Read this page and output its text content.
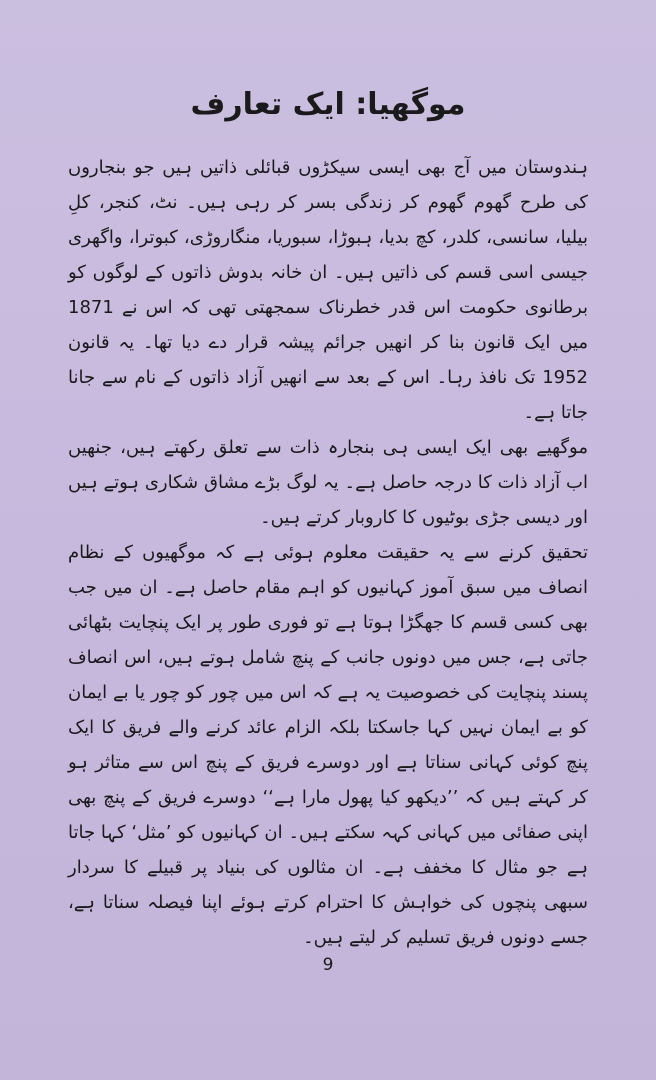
موگھیا: ایک تعارف

ہندوستان میں آج بھی ایسی سیکڑوں قبائلی ذاتیں ہیں جو بنجاروں کی طرح گھوم گھوم کر زندگی بسر کر رہی ہیں۔ نٹ، کنجر، کلِ بیلیا، سانسی، کلدر، کچ بدیا، ہبوڑا، سبوریا، منگاروڑی، کبوترا، واگھری جیسی اسی قسم کی ذاتیں ہیں۔ ان خانہ بدوش ذاتوں کے لوگوں کو برطانوی حکومت اس قدر خطرناک سمجھتی تھی کہ اس نے 1871 میں ایک قانون بنا کر انھیں جرائم پیشہ قرار دے دیا تھا۔ یہ قانون 1952 تک نافذ رہا۔ اس کے بعد سے انھیں آزاد ذاتوں کے نام سے جانا جاتا ہے۔

موگھیے بھی ایک ایسی ہی بنجارہ ذات سے تعلق رکھتے ہیں، جنھیں اب آزاد ذات کا درجہ حاصل ہے۔ یہ لوگ بڑے مشاق شکاری ہوتے ہیں اور دیسی جڑی بوٹیوں کا کاروبار کرتے ہیں۔

تحقیق کرنے سے یہ حقیقت معلوم ہوئی ہے کہ موگھیوں کے نظام انصاف میں سبق آموز کہانیوں کو اہم مقام حاصل ہے۔ ان میں جب بھی کسی قسم کا جھگڑا ہوتا ہے تو فوری طور پر ایک پنچایت بٹھائی جاتی ہے، جس میں دونوں جانب کے پنچ شامل ہوتے ہیں، اس انصاف پسند پنچایت کی خصوصیت یہ ہے کہ اس میں چور کو چور یا بے ایمان کو بے ایمان نہیں کہا جاسکتا بلکہ الزام عائد کرنے والے فریق کا ایک پنچ کوئی کہانی سناتا ہے اور دوسرے فریق کے پنچ اس سے متاثر ہو کر کہتے ہیں کہ ’’دیکھو کیا پھول مارا ہے‘‘ دوسرے فریق کے پنچ بھی اپنی صفائی میں کہانی کہہ سکتے ہیں۔ ان کہانیوں کو ’مثل‘ کہا جاتا ہے جو مثال کا مخفف ہے۔ ان مثالوں کی بنیاد پر قبیلے کا سردار سبھی پنچوں کی خواہش کا احترام کرتے ہوئے اپنا فیصلہ سناتا ہے، جسے دونوں فریق تسلیم کر لیتے ہیں۔

9
